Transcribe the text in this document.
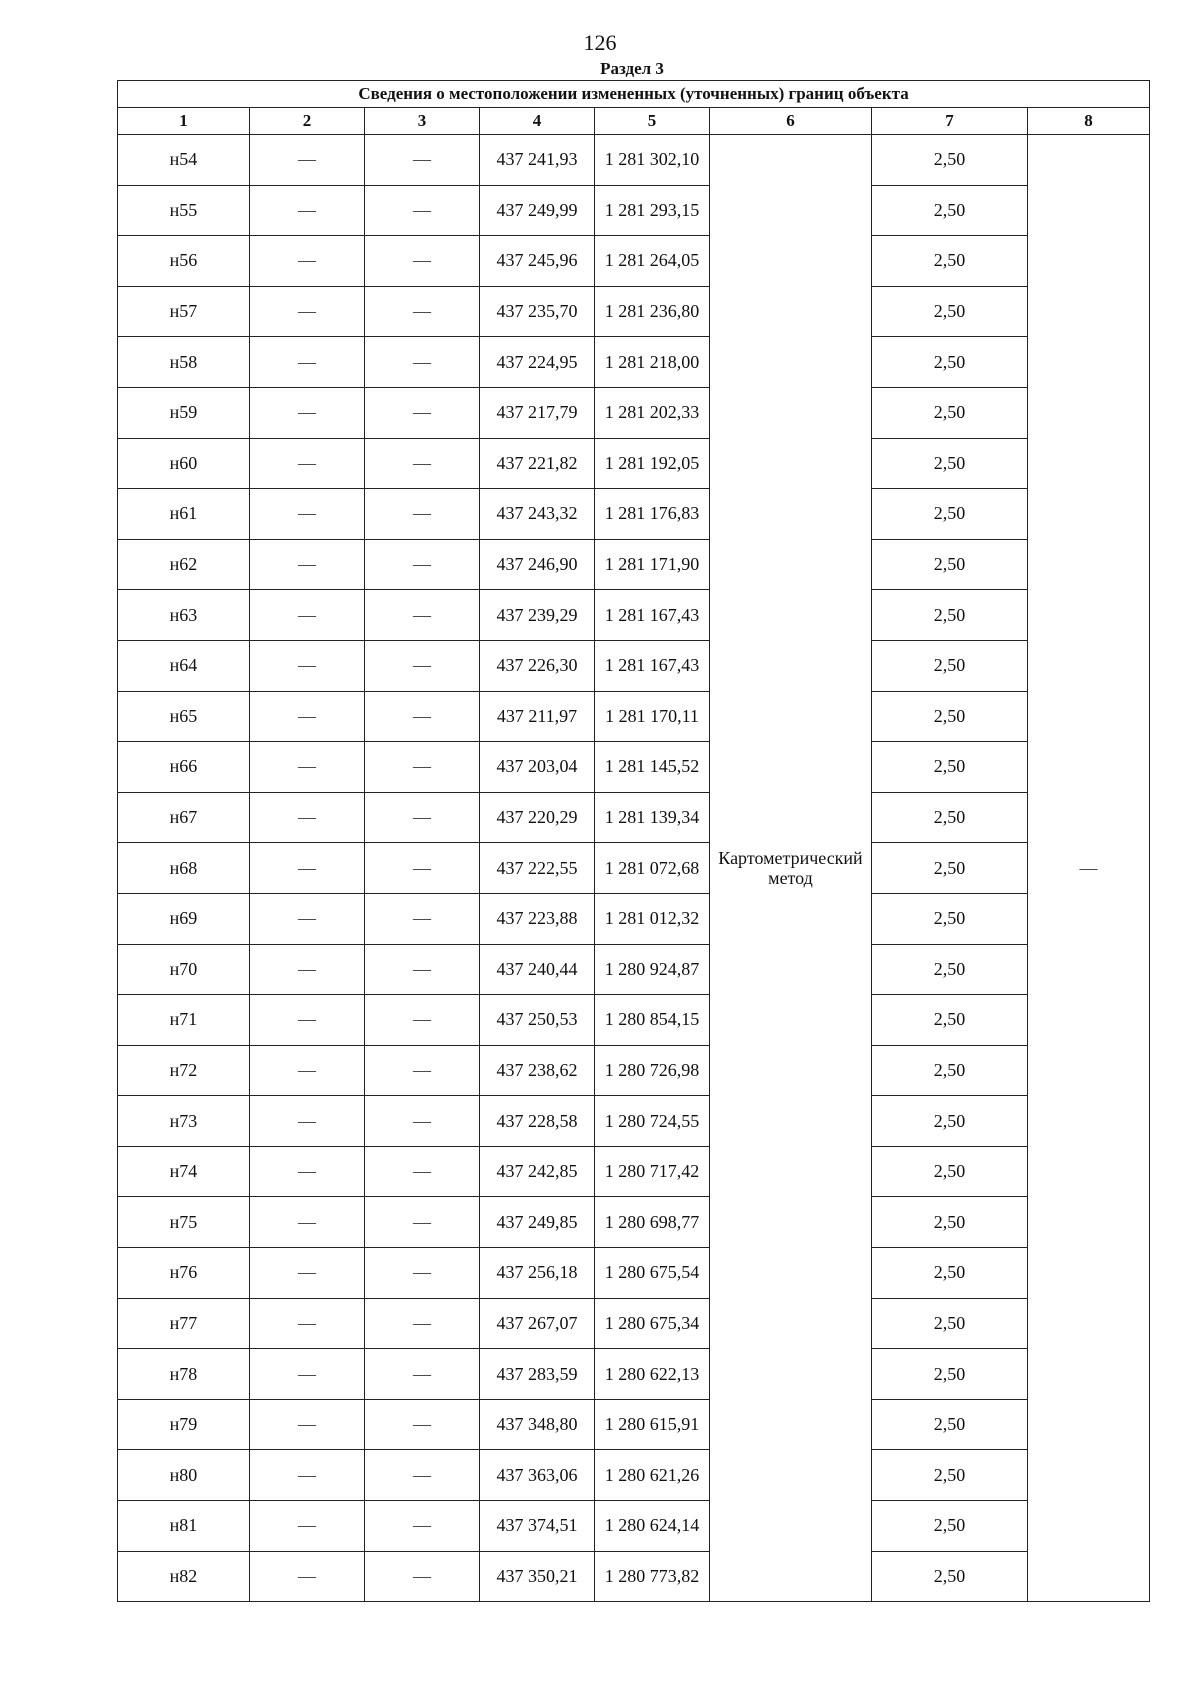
126
Раздел 3
Сведения о местоположении измененных (уточненных) границ объекта							
1	2	3	4	5	6	7	8
н54	—	—	437 241,93	1 281 302,10	Картометрический метод	2,50	—
н55	—	—	437 249,99	1 281 293,15		2,50	
н56	—	—	437 245,96	1 281 264,05		2,50	
н57	—	—	437 235,70	1 281 236,80		2,50	
н58	—	—	437 224,95	1 281 218,00		2,50	
н59	—	—	437 217,79	1 281 202,33		2,50	
н60	—	—	437 221,82	1 281 192,05		2,50	
н61	—	—	437 243,32	1 281 176,83		2,50	
н62	—	—	437 246,90	1 281 171,90		2,50	
н63	—	—	437 239,29	1 281 167,43		2,50	
н64	—	—	437 226,30	1 281 167,43		2,50	
н65	—	—	437 211,97	1 281 170,11		2,50	
н66	—	—	437 203,04	1 281 145,52		2,50	
н67	—	—	437 220,29	1 281 139,34		2,50	
н68	—	—	437 222,55	1 281 072,68		2,50	
н69	—	—	437 223,88	1 281 012,32		2,50	
н70	—	—	437 240,44	1 280 924,87		2,50	
н71	—	—	437 250,53	1 280 854,15		2,50	
н72	—	—	437 238,62	1 280 726,98		2,50	
н73	—	—	437 228,58	1 280 724,55		2,50	
н74	—	—	437 242,85	1 280 717,42		2,50	
н75	—	—	437 249,85	1 280 698,77		2,50	
н76	—	—	437 256,18	1 280 675,54		2,50	
н77	—	—	437 267,07	1 280 675,34		2,50	
н78	—	—	437 283,59	1 280 622,13		2,50	
н79	—	—	437 348,80	1 280 615,91		2,50	
н80	—	—	437 363,06	1 280 621,26		2,50	
н81	—	—	437 374,51	1 280 624,14		2,50	
н82	—	—	437 350,21	1 280 773,82		2,50	
